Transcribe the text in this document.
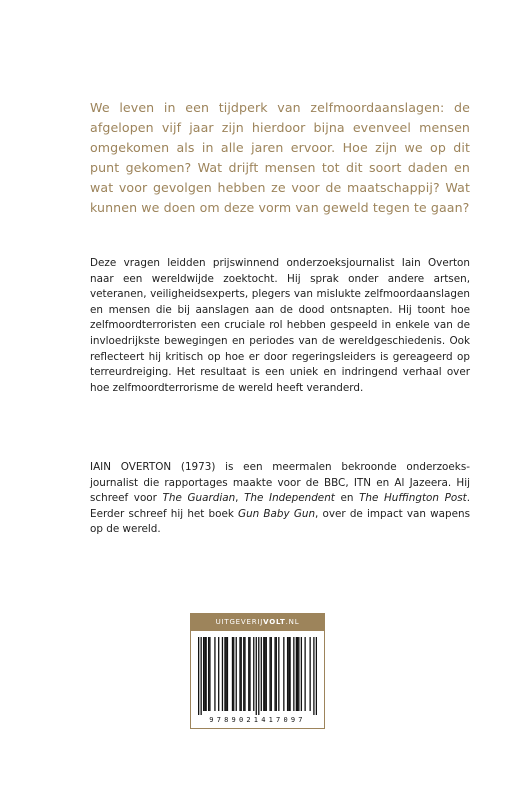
We leven in een tijdperk van zelfmoordaanslagen: de afgelopen vijf jaar zijn hierdoor bijna evenveel mensen omgekomen als in alle jaren ervoor. Hoe zijn we op dit punt gekomen? Wat drijft mensen tot dit soort daden en wat voor gevolgen hebben ze voor de maatschappij? Wat kunnen we doen om deze vorm van geweld tegen te gaan?

Deze vragen leidden prijswinnend onderzoeksjournalist Iain Overton naar een wereldwijde zoektocht. Hij sprak onder andere artsen, veteranen, veiligheidsexperts, plegers van mislukte zelfmoordaanslagen en mensen die bij aanslagen aan de dood ontsnapten. Hij toont hoe zelfmoordterroristen een cruciale rol hebben gespeeld in enkele van de invloedrijkste bewegingen en periodes van de wereldgeschiedenis. Ook reflecteert hij kritisch op hoe er door regeringsleiders is gereageerd op terreurdreiging. Het resultaat is een uniek en indringend verhaal over hoe zelfmoordterrorisme de wereld heeft veranderd.

IAIN OVERTON (1973) is een meermalen bekroonde onderzoeks-journalist die rapportages maakte voor de BBC, ITN en Al Jazeera. Hij schreef voor The Guardian, The Independent en The Huffington Post. Eerder schreef hij het boek Gun Baby Gun, over de impact van wapens op de wereld.

UITGEVERIJVOLT.NL
9789021417097
